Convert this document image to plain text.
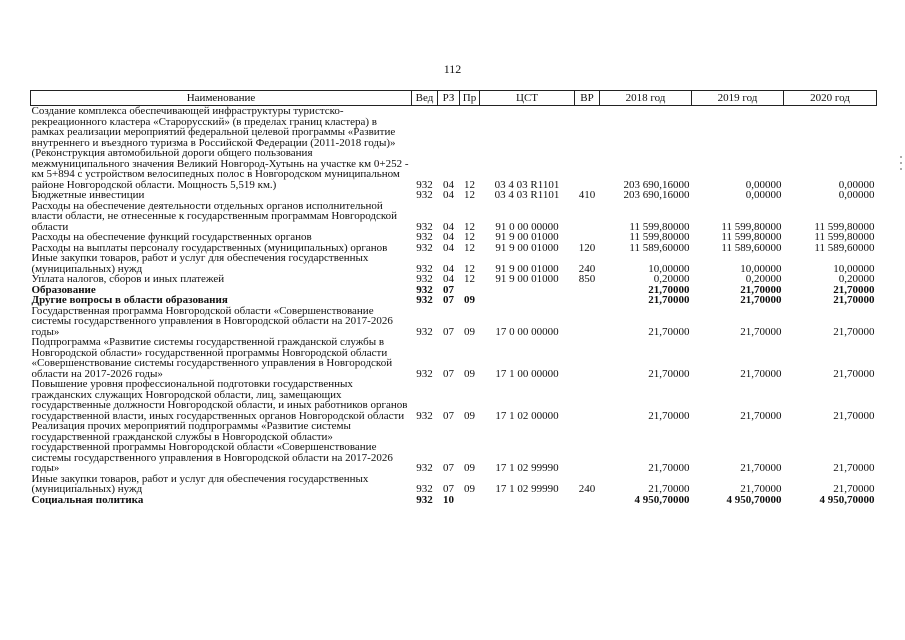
112
Наименование	Вед	РЗ	Пр	ЦСТ	ВР	2018 год	2019 год	2020 год
Создание комплекса обеспечивающей инфраструктуры туристско-рекреационного кластера «Старорусский» (в пределах границ кластера) в рамках реализации мероприятий федеральной целевой программы «Развитие внутреннего и въездного туризма в Российской Федерации (2011-2018 годы)» (Реконструкция автомобильной дороги общего пользования межмуниципального значения Великий Новгород-Хутынь на участке км 0+252 - км 5+894 с устройством велосипедных полос в Новгородском муниципальном районе Новгородской области. Мощность 5,519 км.)	932	04	12	03 4 03 R1101		203 690,16000	0,00000	0,00000
Бюджетные инвестиции	932	04	12	03 4 03 R1101	410	203 690,16000	0,00000	0,00000
Расходы на обеспечение деятельности отдельных органов исполнительной власти области, не отнесенные к государственным программам Новгородской области	932	04	12	91 0 00 00000		11 599,80000	11 599,80000	11 599,80000
Расходы на обеспечение функций государственных органов	932	04	12	91 9 00 01000		11 599,80000	11 599,80000	11 599,80000
Расходы на выплаты персоналу государственных (муниципальных) органов	932	04	12	91 9 00 01000	120	11 589,60000	11 589,60000	11 589,60000
Иные закупки товаров, работ и услуг для обеспечения государственных (муниципальных) нужд	932	04	12	91 9 00 01000	240	10,00000	10,00000	10,00000
Уплата налогов, сборов и иных платежей	932	04	12	91 9 00 01000	850	0,20000	0,20000	0,20000
Образование	932	07				21,70000	21,70000	21,70000
Другие вопросы в области образования	932	07	09			21,70000	21,70000	21,70000
Государственная программа Новгородской области «Совершенствование системы государственного управления в Новгородской области на 2017-2026 годы»	932	07	09	17 0 00 00000		21,70000	21,70000	21,70000
Подпрограмма «Развитие системы государственной гражданской службы в Новгородской области» государственной программы Новгородской области «Совершенствование системы государственного управления в Новгородской области на 2017-2026 годы»	932	07	09	17 1 00 00000		21,70000	21,70000	21,70000
Повышение уровня профессиональной подготовки государственных гражданских служащих Новгородской области, лиц, замещающих государственные должности Новгородской области, и иных работников органов государственной власти, иных государственных органов Новгородской области	932	07	09	17 1 02 00000		21,70000	21,70000	21,70000
Реализация прочих мероприятий подпрограммы «Развитие системы государственной гражданской службы в Новгородской области» государственной программы Новгородской области «Совершенствование системы государственного управления в Новгородской области на 2017-2026 годы»	932	07	09	17 1 02 99990		21,70000	21,70000	21,70000
Иные закупки товаров, работ и услуг для обеспечения государственных (муниципальных) нужд	932	07	09	17 1 02 99990	240	21,70000	21,70000	21,70000
Социальная политика	932	10				4 950,70000	4 950,70000	4 950,70000
